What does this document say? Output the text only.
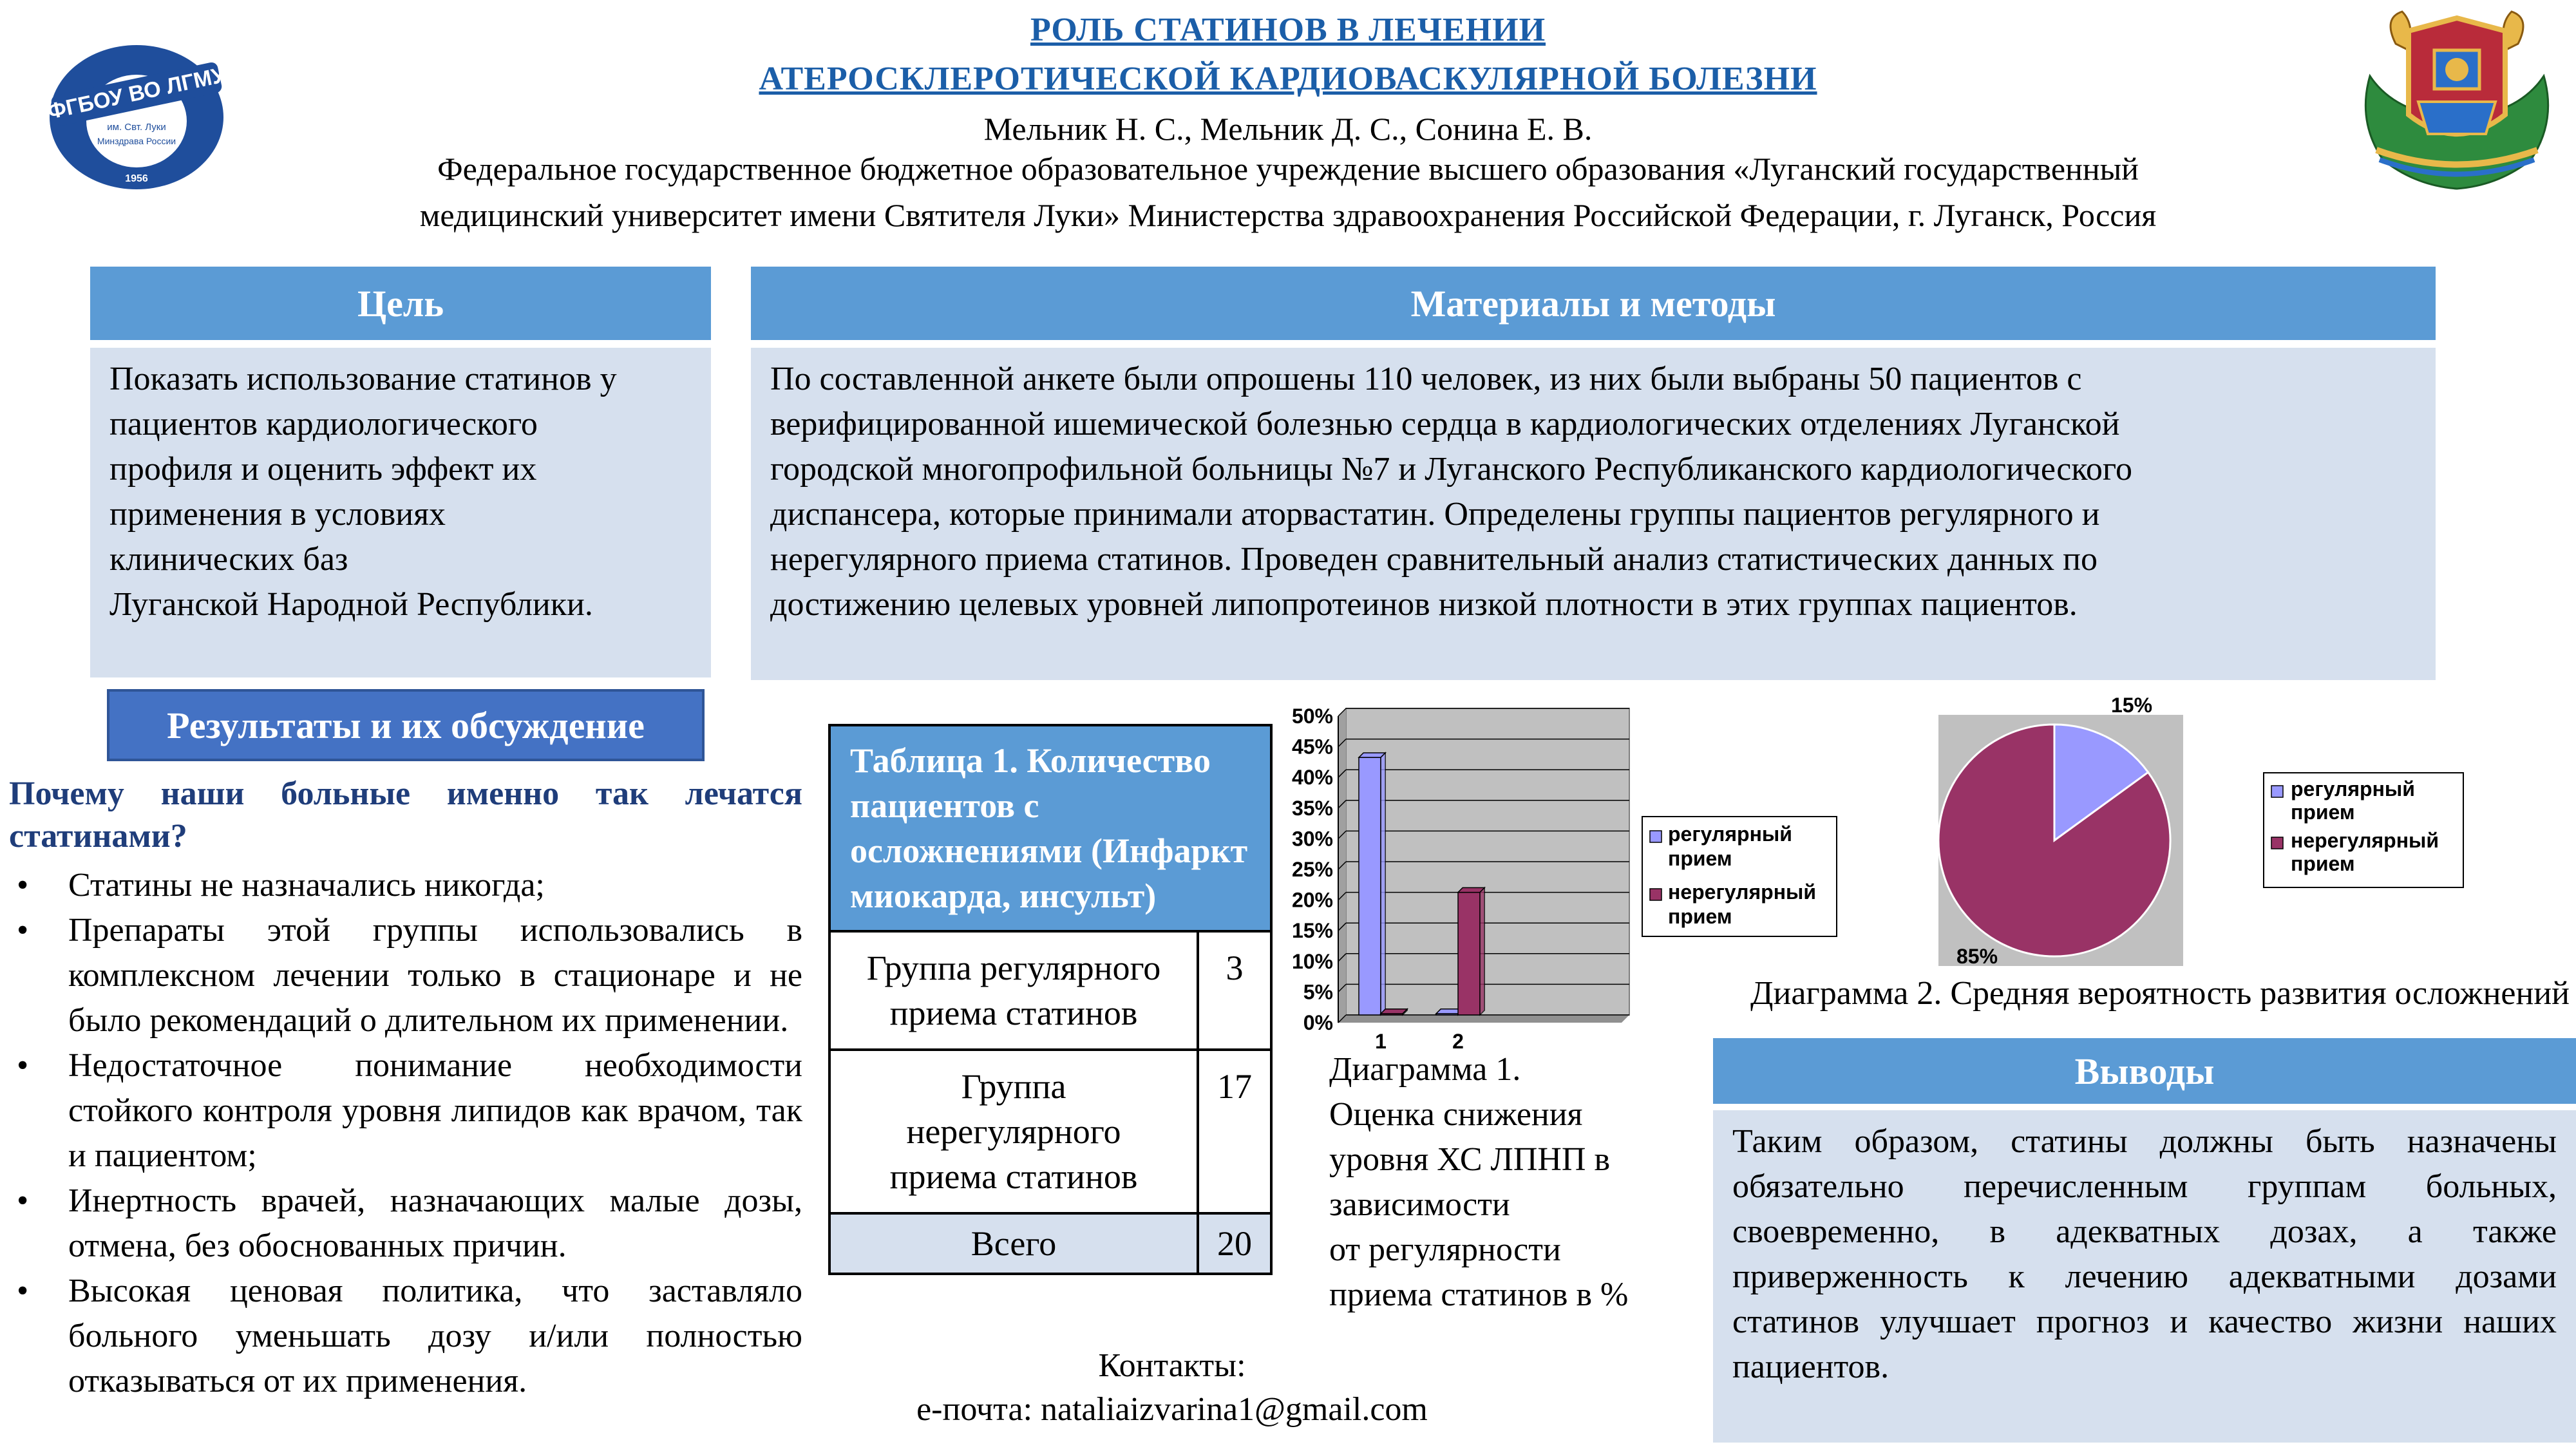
РОЛЬ СТАТИНОВ В ЛЕЧЕНИИ
АТЕРОСКЛЕРОТИЧЕСКОЙ КАРДИОВАСКУЛЯРНОЙ БОЛЕЗНИ
Мельник Н. С., Мельник Д. С., Сонина Е. В.
Федеральное государственное бюджетное образовательное учреждение высшего образования «Луганский государственный
медицинский университет имени Святителя Луки» Министерства здравоохранения Российской Федерации, г. Луганск, Россия
ФГБОУ ВО ЛГМУ
им. Свт. Луки
Минздрава России
1956
Цель
Показать использование статинов у
пациентов кардиологического
профиля и оценить эффект их
применения в условиях
клинических баз
Луганской Народной Республики.
Материалы и методы
По составленной анкете были опрошены 110 человек, из них были выбраны 50 пациентов с
верифицированной ишемической болезнью сердца в кардиологических отделениях Луганской
городской многопрофильной больницы №7 и Луганского Республиканского кардиологического
диспансера, которые принимали аторвастатин. Определены группы пациентов регулярного и
нерегулярного приема статинов. Проведен сравнительный анализ статистических данных по
достижению целевых уровней липопротеинов низкой плотности в этих группах пациентов.
Результаты и их обсуждение
Почему наши больные именно так лечатся статинами?
• Статины не назначались никогда;
• Препараты этой группы использовались в комплексном лечении только в стационаре и не было рекомендаций о длительном их применении.
• Недостаточное понимание необходимости стойкого контроля уровня липидов как врачом, так и пациентом;
• Инертность врачей, назначающих малые дозы, отмена, без обоснованных причин.
• Высокая ценовая политика, что заставляло больного уменьшать дозу и/или полностью отказываться от их применения.
Таблица 1. Количество пациентов с осложнениями (Инфаркт миокарда, инсульт)	
Группа регулярного приема статинов	3
Группа нерегулярного приема статинов	17
Всего	20
0%
5%
10%
15%
20%
25%
30%
35%
40%
45%
50%
1	2
регулярный
прием
нерегулярный
прием
Диаграмма 1.
Оценка снижения
уровня ХС ЛПНП в
зависимости
от регулярности
приема статинов в %
15%
85%
регулярный
прием
нерегулярный
прием
Диаграмма 2. Средняя вероятность развития осложнений
Выводы
Таким образом, статины должны быть назначены обязательно перечисленным группам больных, своевременно, в адекватных дозах, а также приверженность к лечению адекватными дозами статинов улучшает прогноз и качество жизни наших пациентов.
Контакты:
е-почта: nataliaizvarina1@gmail.com
